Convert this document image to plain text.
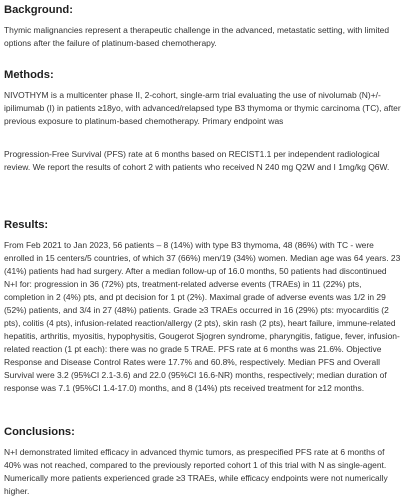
Background:

Thymic malignancies represent a therapeutic challenge in the advanced, metastatic setting, with limited options after the failure of platinum-based chemotherapy.

Methods:

NIVOTHYM is a multicenter phase II, 2-cohort, single-arm trial evaluating the use of nivolumab (N)+/- ipilimumab (I) in patients ≥18yo, with advanced/relapsed type B3 thymoma or thymic carcinoma (TC), after previous exposure to platinum-based chemotherapy. Primary endpoint was

Progression-Free Survival (PFS) rate at 6 months based on RECIST1.1 per independent radiological review. We report the results of cohort 2 with patients who received N 240 mg Q2W and I 1mg/kg Q6W.

Results:

From Feb 2021 to Jan 2023, 56 patients – 8 (14%) with type B3 thymoma, 48 (86%) with TC - were enrolled in 15 centers/5 countries, of which 37 (66%) men/19 (34%) women. Median age was 64 years. 23 (41%) patients had had surgery. After a median follow-up of 16.0 months, 50 patients had discontinued N+I for: progression in 36 (72%) pts, treatment-related adverse events (TRAEs) in 11 (22%) pts, completion in 2 (4%) pts, and pt decision for 1 pt (2%). Maximal grade of adverse events was 1/2 in 29 (52%) patients, and 3/4 in 27 (48%) patients. Grade ≥3 TRAEs occurred in 16 (29%) pts: myocarditis (2 pts), colitis (4 pts), infusion-related reaction/allergy (2 pts), skin rash (2 pts), heart failure, immune-related hepatitis, arthritis, myositis, hypophysitis, Gougerot Sjogren syndrome, pharyngitis, fatigue, fever, infusion-related reaction (1 pt each): there was no grade 5 TRAE. PFS rate at 6 months was 21.6%. Objective Response and Disease Control Rates were 17.7% and 60.8%, respectively. Median PFS and Overall Survival were 3.2 (95%CI 2.1-3.6) and 22.0 (95%CI 16.6-NR) months, respectively; median duration of response was 7.1 (95%CI 1.4-17.0) months, and 8 (14%) pts received treatment for ≥12 months.

Conclusions:

N+I demonstrated limited efficacy in advanced thymic tumors, as prespecified PFS rate at 6 months of 40% was not reached, compared to the previously reported cohort 1 of this trial with N as single-agent. Numerically more patients experienced grade ≥3 TRAEs, while efficacy endpoints were not numerically higher.
